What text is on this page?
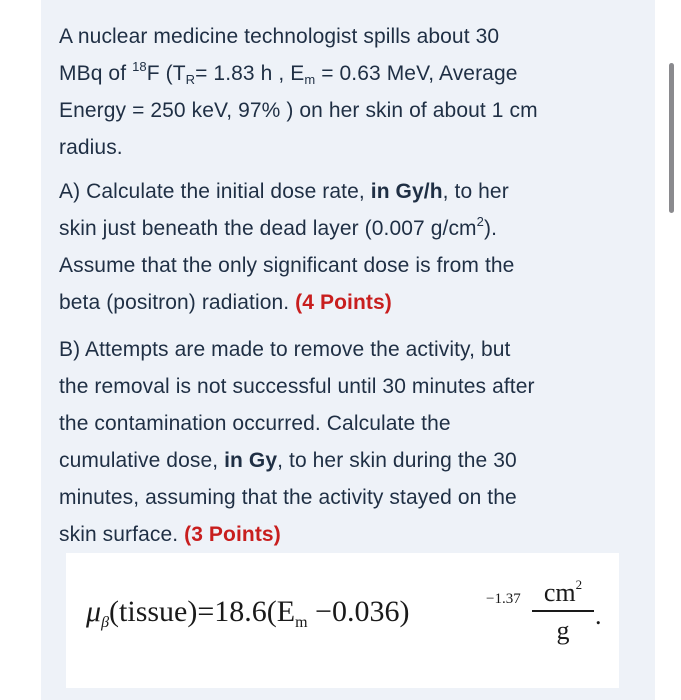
A nuclear medicine technologist spills about 30
MBq of $^{18}$F ($T_R= 1.83$ h , $E_m = 0.63$ MeV, Average
Energy = 250 keV, 97% ) on her skin of about 1 cm
radius.
A) Calculate the initial dose rate, in Gy/h, to her
skin just beneath the dead layer (0.007 $g/cm^2$).
Assume that the only significant dose is from the
beta (positron) radiation. (4 Points)
B) Attempts are made to remove the activity, but
the removal is not successful until 30 minutes after
the contamination occurred. Calculate the
cumulative dose, in Gy, to her skin during the 30
minutes, assuming that the activity stayed on the
skin surface. (3 Points)
$\mu_\beta(tissue)=18.6(E_m -0.036)$	$-1.37 \frac{cm^2}{g}$ .
